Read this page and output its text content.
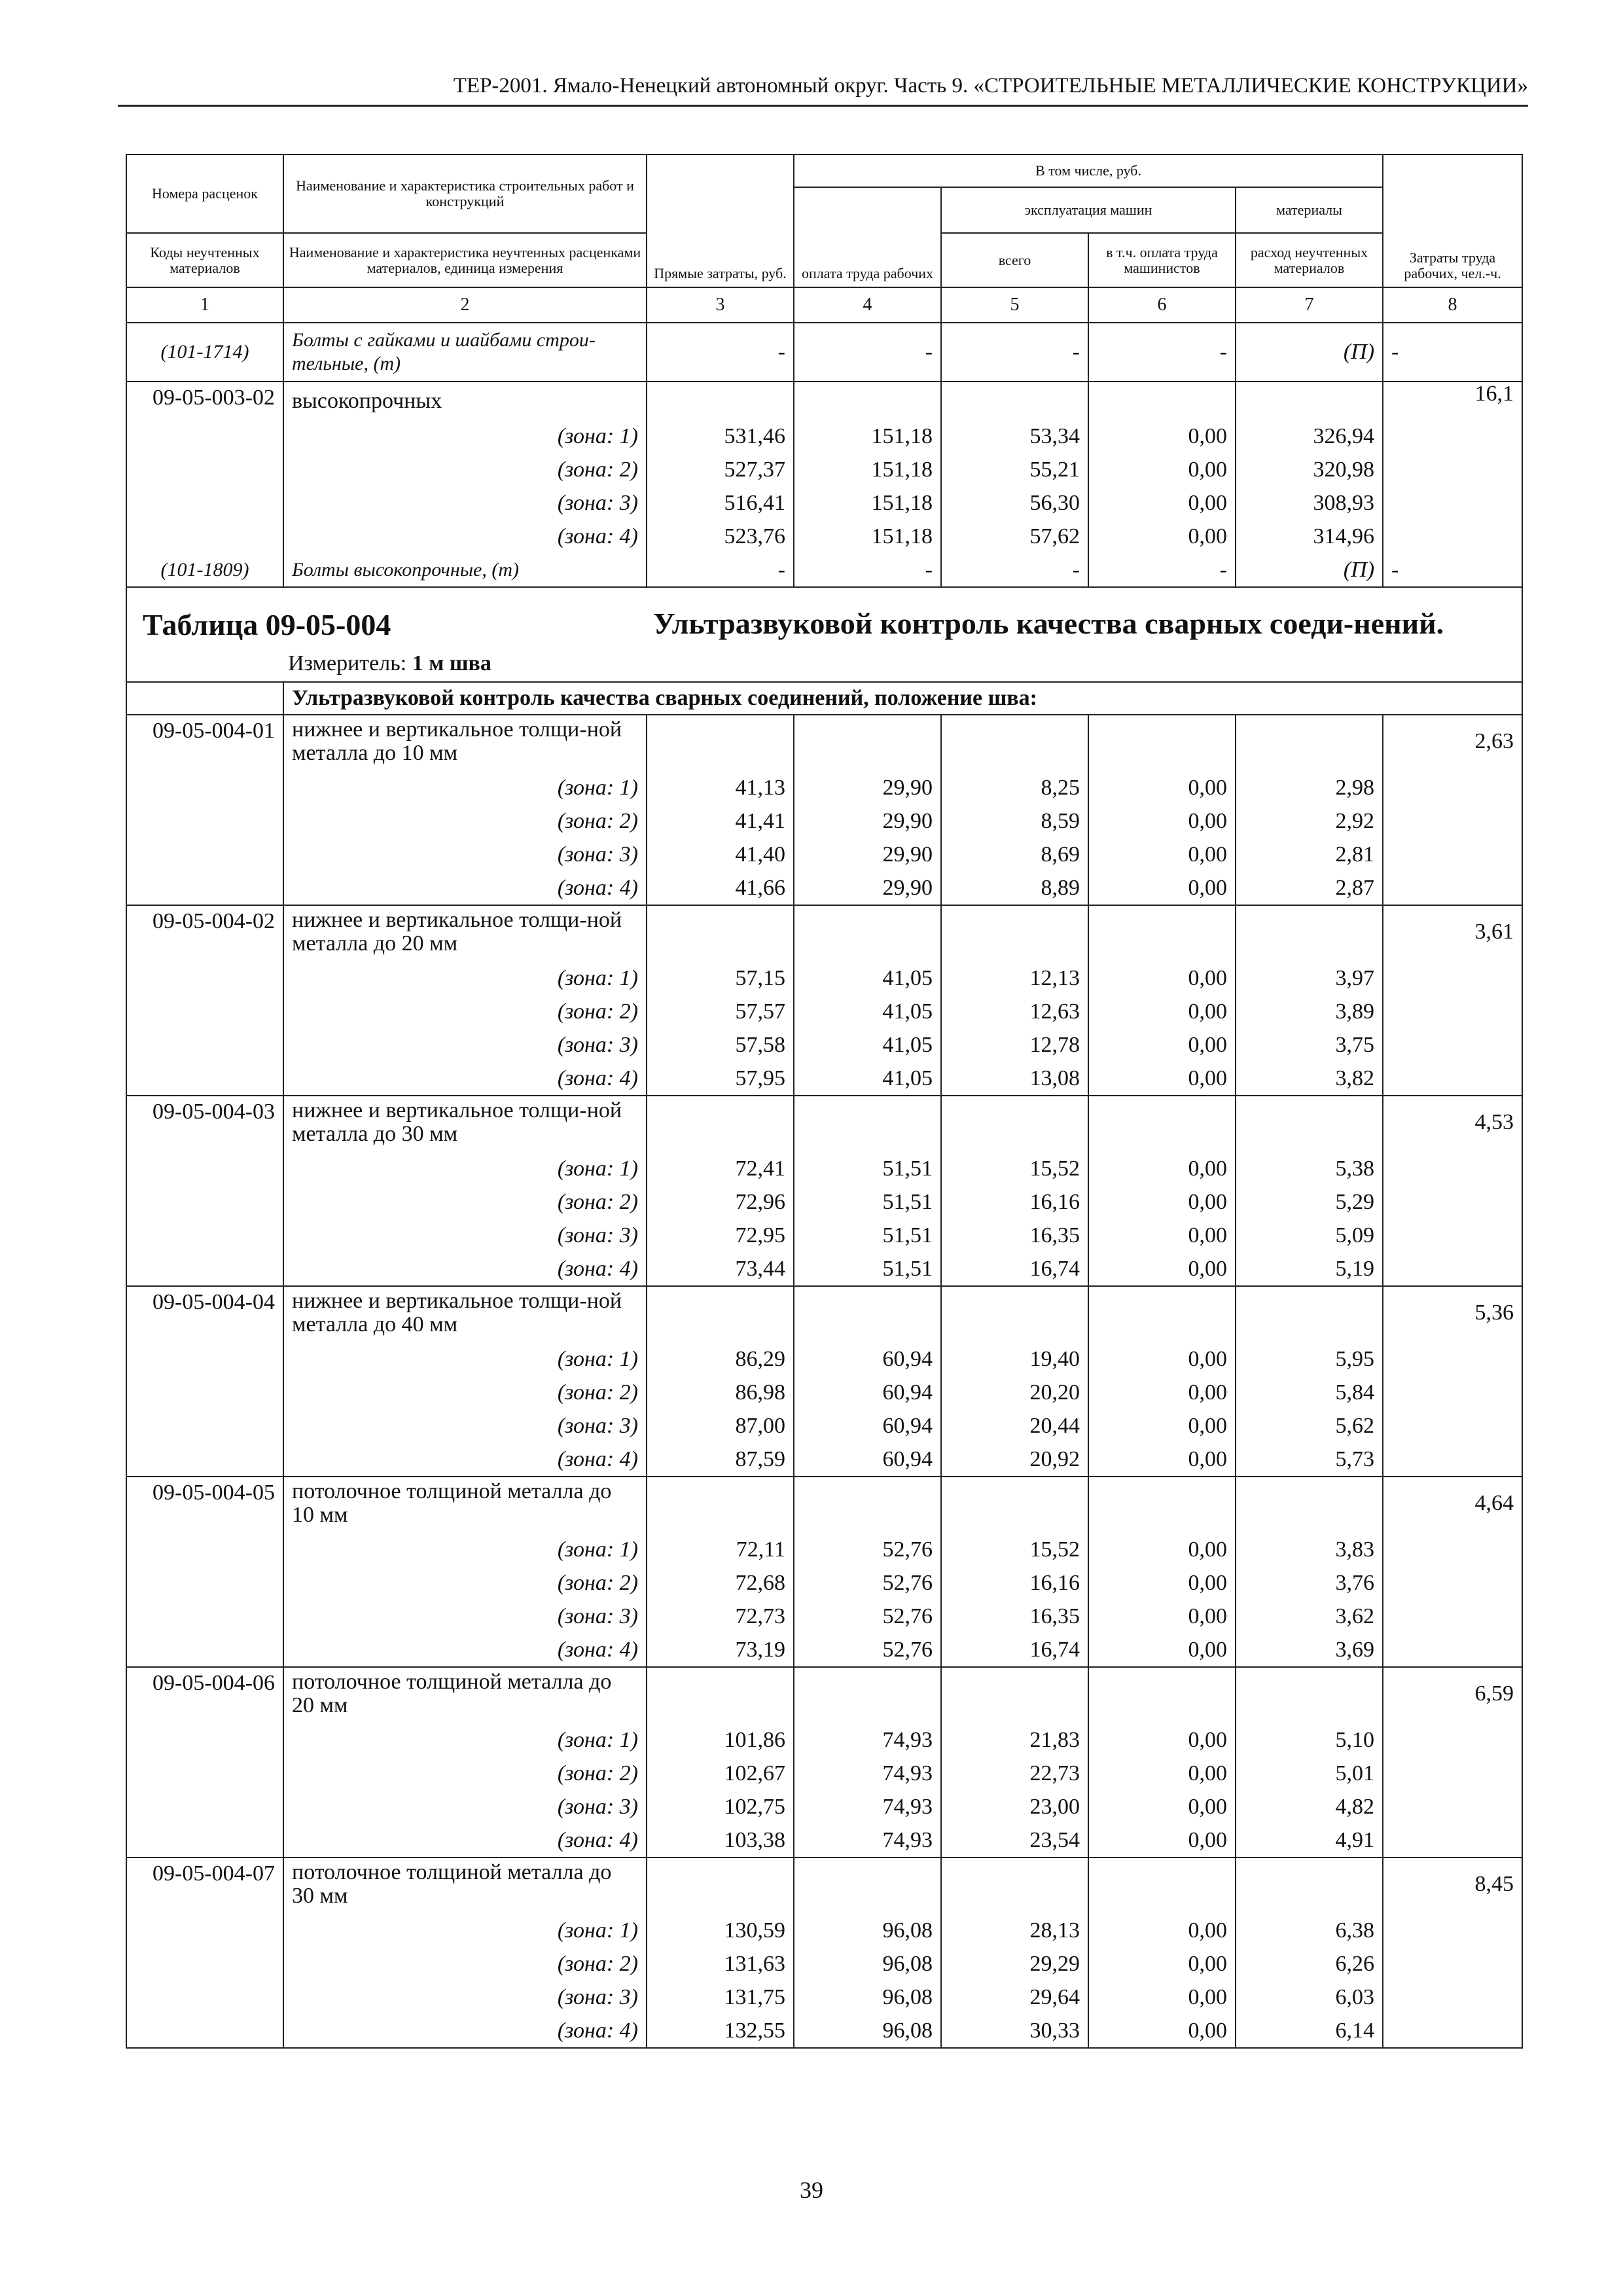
ТЕР-2001. Ямало-Ненецкий автономный округ. Часть 9. «СТРОИТЕЛЬНЫЕ МЕТАЛЛИЧЕСКИЕ КОНСТРУКЦИИ»
Номера расценок	Наименование и характеристика строительных работ и конструкций	Прямые затраты, руб.	В том числе, руб.				Затраты труда рабочих, чел.-ч.
			оплата труда рабочих	эксплуатация машин		материалы	
Коды неучтенных материалов	Наименование и характеристика неучтенных расценками материалов, единица измерения			всего	в т.ч. оплата труда машинистов	расход неучтенных материалов	
1	2	3	4	5	6	7	8
(101-1714)	Болты с гайками и шайбами строи-тельные, (т)	-	-	-	-	(П)	-
09-05-003-02	высокопрочных						16,1
	(зона: 1)	531,46	151,18	53,34	0,00	326,94	
	(зона: 2)	527,37	151,18	55,21	0,00	320,98	
	(зона: 3)	516,41	151,18	56,30	0,00	308,93	
	(зона: 4)	523,76	151,18	57,62	0,00	314,96	
(101-1809)	Болты высокопрочные, (т)	-	-	-	-	(П)	-

Таблица 09-05-004 Ультразвуковой контроль качества сварных соеди-нений.
Измеритель: 1 м шва							

	Ультразвуковой контроль качества сварных соединений, положение шва:						
09-05-004-01	нижнее и вертикальное толщи-ной металла до 10 мм						2,63
	(зона: 1)	41,13	29,90	8,25	0,00	2,98	
	(зона: 2)	41,41	29,90	8,59	0,00	2,92	
	(зона: 3)	41,40	29,90	8,69	0,00	2,81	
	(зона: 4)	41,66	29,90	8,89	0,00	2,87	
09-05-004-02	нижнее и вертикальное толщи-ной металла до 20 мм						3,61
	(зона: 1)	57,15	41,05	12,13	0,00	3,97	
	(зона: 2)	57,57	41,05	12,63	0,00	3,89	
	(зона: 3)	57,58	41,05	12,78	0,00	3,75	
	(зона: 4)	57,95	41,05	13,08	0,00	3,82	
09-05-004-03	нижнее и вертикальное толщи-ной металла до 30 мм						4,53
	(зона: 1)	72,41	51,51	15,52	0,00	5,38	
	(зона: 2)	72,96	51,51	16,16	0,00	5,29	
	(зона: 3)	72,95	51,51	16,35	0,00	5,09	
	(зона: 4)	73,44	51,51	16,74	0,00	5,19	
09-05-004-04	нижнее и вертикальное толщи-ной металла до 40 мм						5,36
	(зона: 1)	86,29	60,94	19,40	0,00	5,95	
	(зона: 2)	86,98	60,94	20,20	0,00	5,84	
	(зона: 3)	87,00	60,94	20,44	0,00	5,62	
	(зона: 4)	87,59	60,94	20,92	0,00	5,73	
09-05-004-05	потолочное толщиной металла до 10 мм						4,64
	(зона: 1)	72,11	52,76	15,52	0,00	3,83	
	(зона: 2)	72,68	52,76	16,16	0,00	3,76	
	(зона: 3)	72,73	52,76	16,35	0,00	3,62	
	(зона: 4)	73,19	52,76	16,74	0,00	3,69	
09-05-004-06	потолочное толщиной металла до 20 мм						6,59
	(зона: 1)	101,86	74,93	21,83	0,00	5,10	
	(зона: 2)	102,67	74,93	22,73	0,00	5,01	
	(зона: 3)	102,75	74,93	23,00	0,00	4,82	
	(зона: 4)	103,38	74,93	23,54	0,00	4,91	
09-05-004-07	потолочное толщиной металла до 30 мм						8,45
	(зона: 1)	130,59	96,08	28,13	0,00	6,38	
	(зона: 2)	131,63	96,08	29,29	0,00	6,26	
	(зона: 3)	131,75	96,08	29,64	0,00	6,03	
	(зона: 4)	132,55	96,08	30,33	0,00	6,14	
39
